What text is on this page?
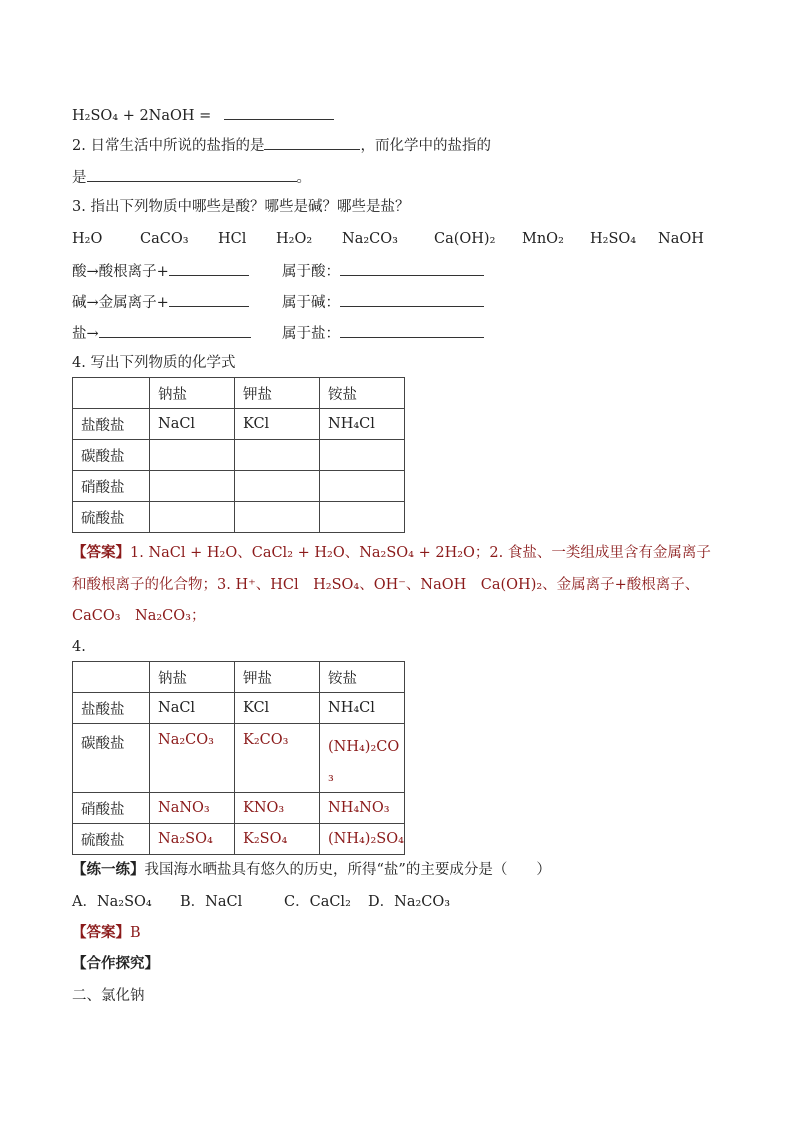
H₂SO₄ + 2NaOH =
2. 日常生活中所说的盐指的是	，而化学中的盐指的
是	。
3. 指出下列物质中哪些是酸？哪些是碱？哪些是盐？
H₂O	CaCO₃ HCl H₂O₂ Na₂CO₃ Ca(OH)₂ MnO₂ H₂SO₄ NaOH
酸→酸根离子+	属于酸：
碱→金属离子+	属于碱：
盐→	属于盐：
4. 写出下列物质的化学式
	钠盐	钾盐	铵盐
盐酸盐	NaCl	KCl	NH₄Cl
碳酸盐			
硝酸盐			
硫酸盐			
【答案】1. NaCl + H₂O、CaCl₂ + H₂O、Na₂SO₄ + 2H₂O；2. 食盐、一类组成里含有金属离子
和酸根离子的化合物；3. H⁺、HCl　H₂SO₄、OH⁻、NaOH　Ca(OH)₂、金属离子+酸根离子、
CaCO₃　Na₂CO₃；
4.
	钠盐	钾盐	铵盐
盐酸盐	NaCl	KCl	NH₄Cl
碳酸盐	Na₂CO₃	K₂CO₃	(NH₄)₂CO₃
硝酸盐	NaNO₃	KNO₃	NH₄NO₃
硫酸盐	Na₂SO₄	K₂SO₄	(NH₄)₂SO₄
【练一练】我国海水晒盐具有悠久的历史，所得“盐”的主要成分是（　　）
A．Na₂SO₄ B．NaCl	C．CaCl₂ D．Na₂CO₃
【答案】B
【合作探究】
二、氯化钠
